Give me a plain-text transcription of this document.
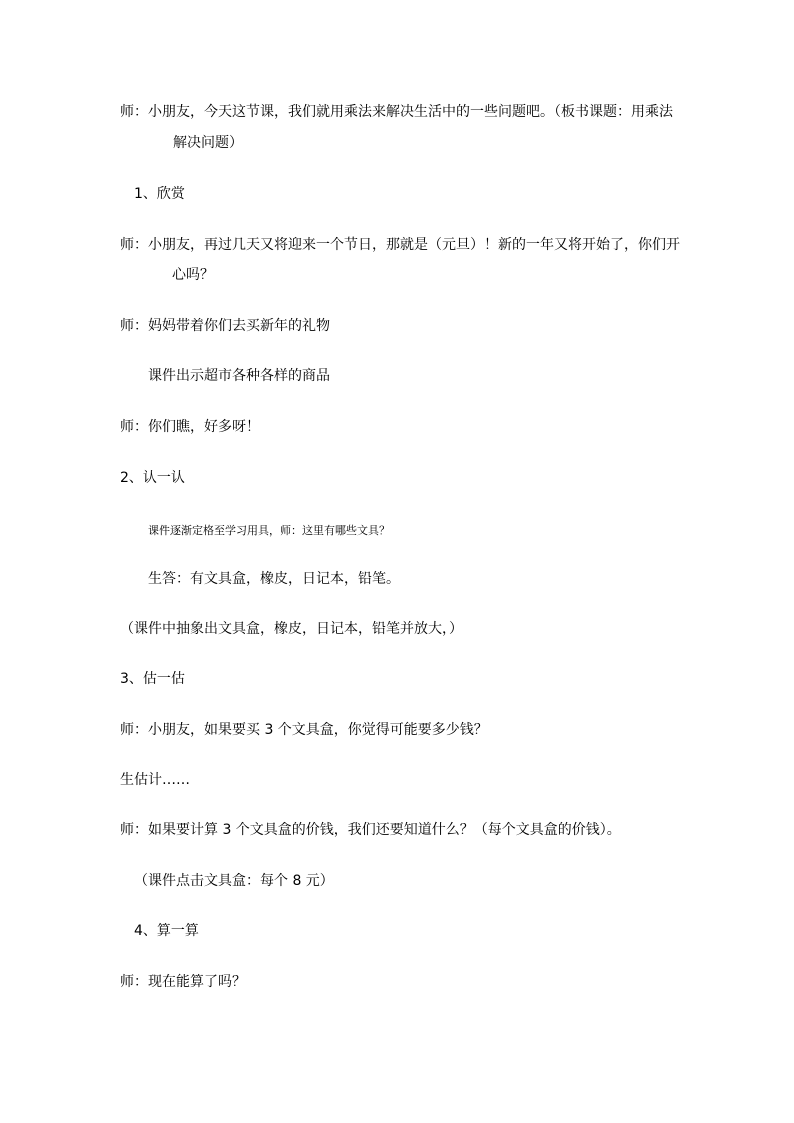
师：小朋友，今天这节课，我们就用乘法来解决生活中的一些问题吧。（板书课题：用乘法
解决问题）
1、欣赏
师：小朋友，再过几天又将迎来一个节日，那就是（元旦）！新的一年又将开始了，你们开
心吗？
师：妈妈带着你们去买新年的礼物
课件出示超市各种各样的商品
师：你们瞧，好多呀！
2、认一认
课件逐渐定格至学习用具，师：这里有哪些文具？
生答：有文具盒，橡皮，日记本，铅笔。
（课件中抽象出文具盒，橡皮，日记本，铅笔并放大，）
3、估一估
师：小朋友，如果要买 3 个文具盒，你觉得可能要多少钱？
生估计……
师：如果要计算 3 个文具盒的价钱，我们还要知道什么？（每个文具盒的价钱）。
（课件点击文具盒：每个 8 元）
4、算一算
师：现在能算了吗？
